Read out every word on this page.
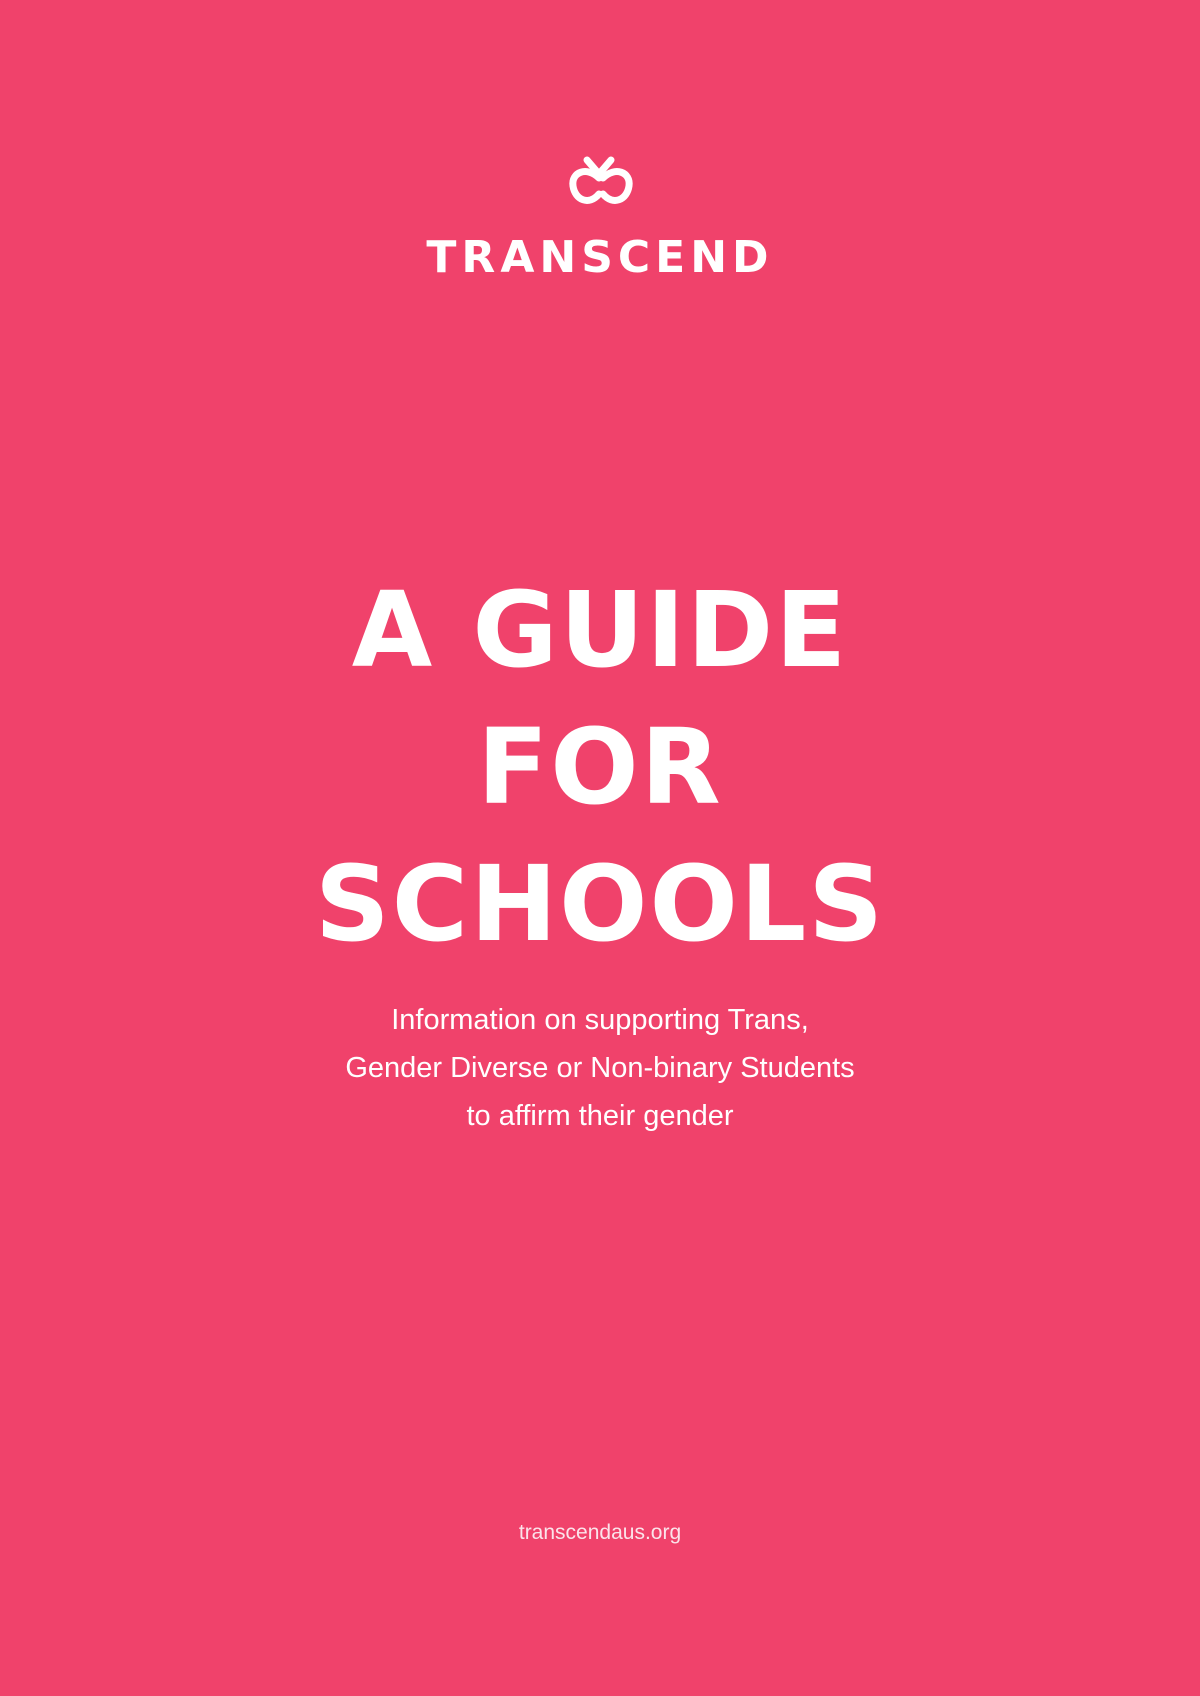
TRANSCEND
A GUIDE
FOR
SCHOOLS
Information on supporting Trans,
Gender Diverse or Non-binary Students
to affirm their gender
transcendaus.org
